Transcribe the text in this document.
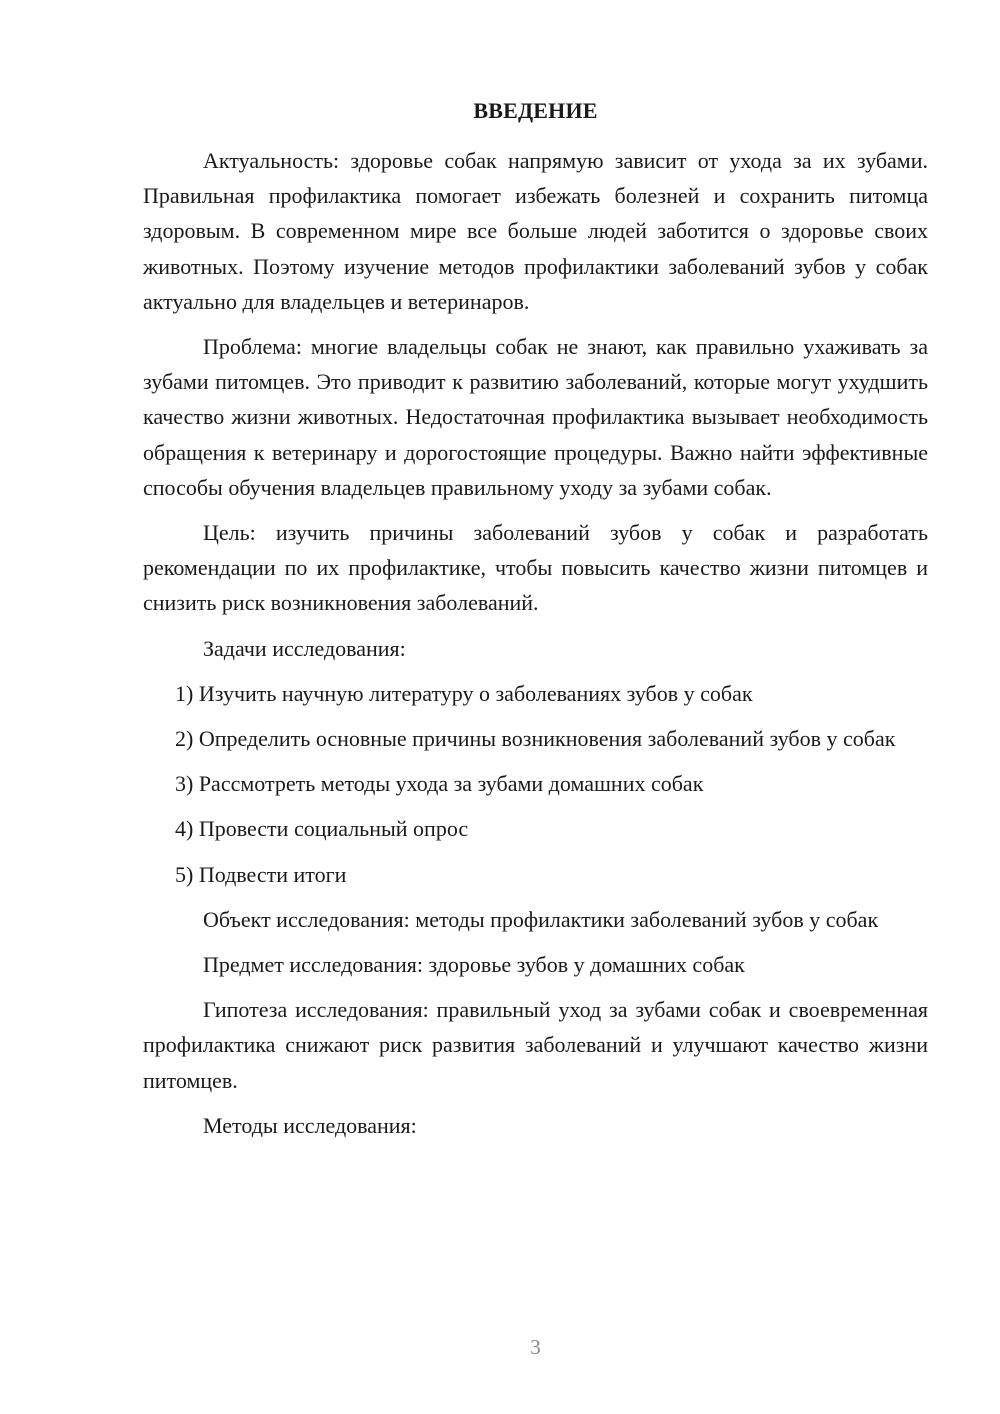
ВВЕДЕНИЕ

Актуальность: здоровье собак напрямую зависит от ухода за их зубами. Правильная профилактика помогает избежать болезней и сохранить питомца здоровым. В современном мире все больше людей заботится о здоровье своих животных. Поэтому изучение методов профилактики заболеваний зубов у собак актуально для владельцев и ветеринаров.

Проблема: многие владельцы собак не знают, как правильно ухаживать за зубами питомцев. Это приводит к развитию заболеваний, которые могут ухудшить качество жизни животных. Недостаточная профилактика вызывает необходимость обращения к ветеринару и дорогостоящие процедуры. Важно найти эффективные способы обучения владельцев правильному уходу за зубами собак.

Цель: изучить причины заболеваний зубов у собак и разработать рекомендации по их профилактике, чтобы повысить качество жизни питомцев и снизить риск возникновения заболеваний.

Задачи исследования:

1) Изучить научную литературу о заболеваниях зубов у собак

2) Определить основные причины возникновения заболеваний зубов у собак

3) Рассмотреть методы ухода за зубами домашних собак

4) Провести социальный опрос

5) Подвести итоги

Объект исследования: методы профилактики заболеваний зубов у собак

Предмет исследования: здоровье зубов у домашних собак

Гипотеза исследования: правильный уход за зубами собак и своевременная профилактика снижают риск развития заболеваний и улучшают качество жизни питомцев.

Методы исследования:

3
